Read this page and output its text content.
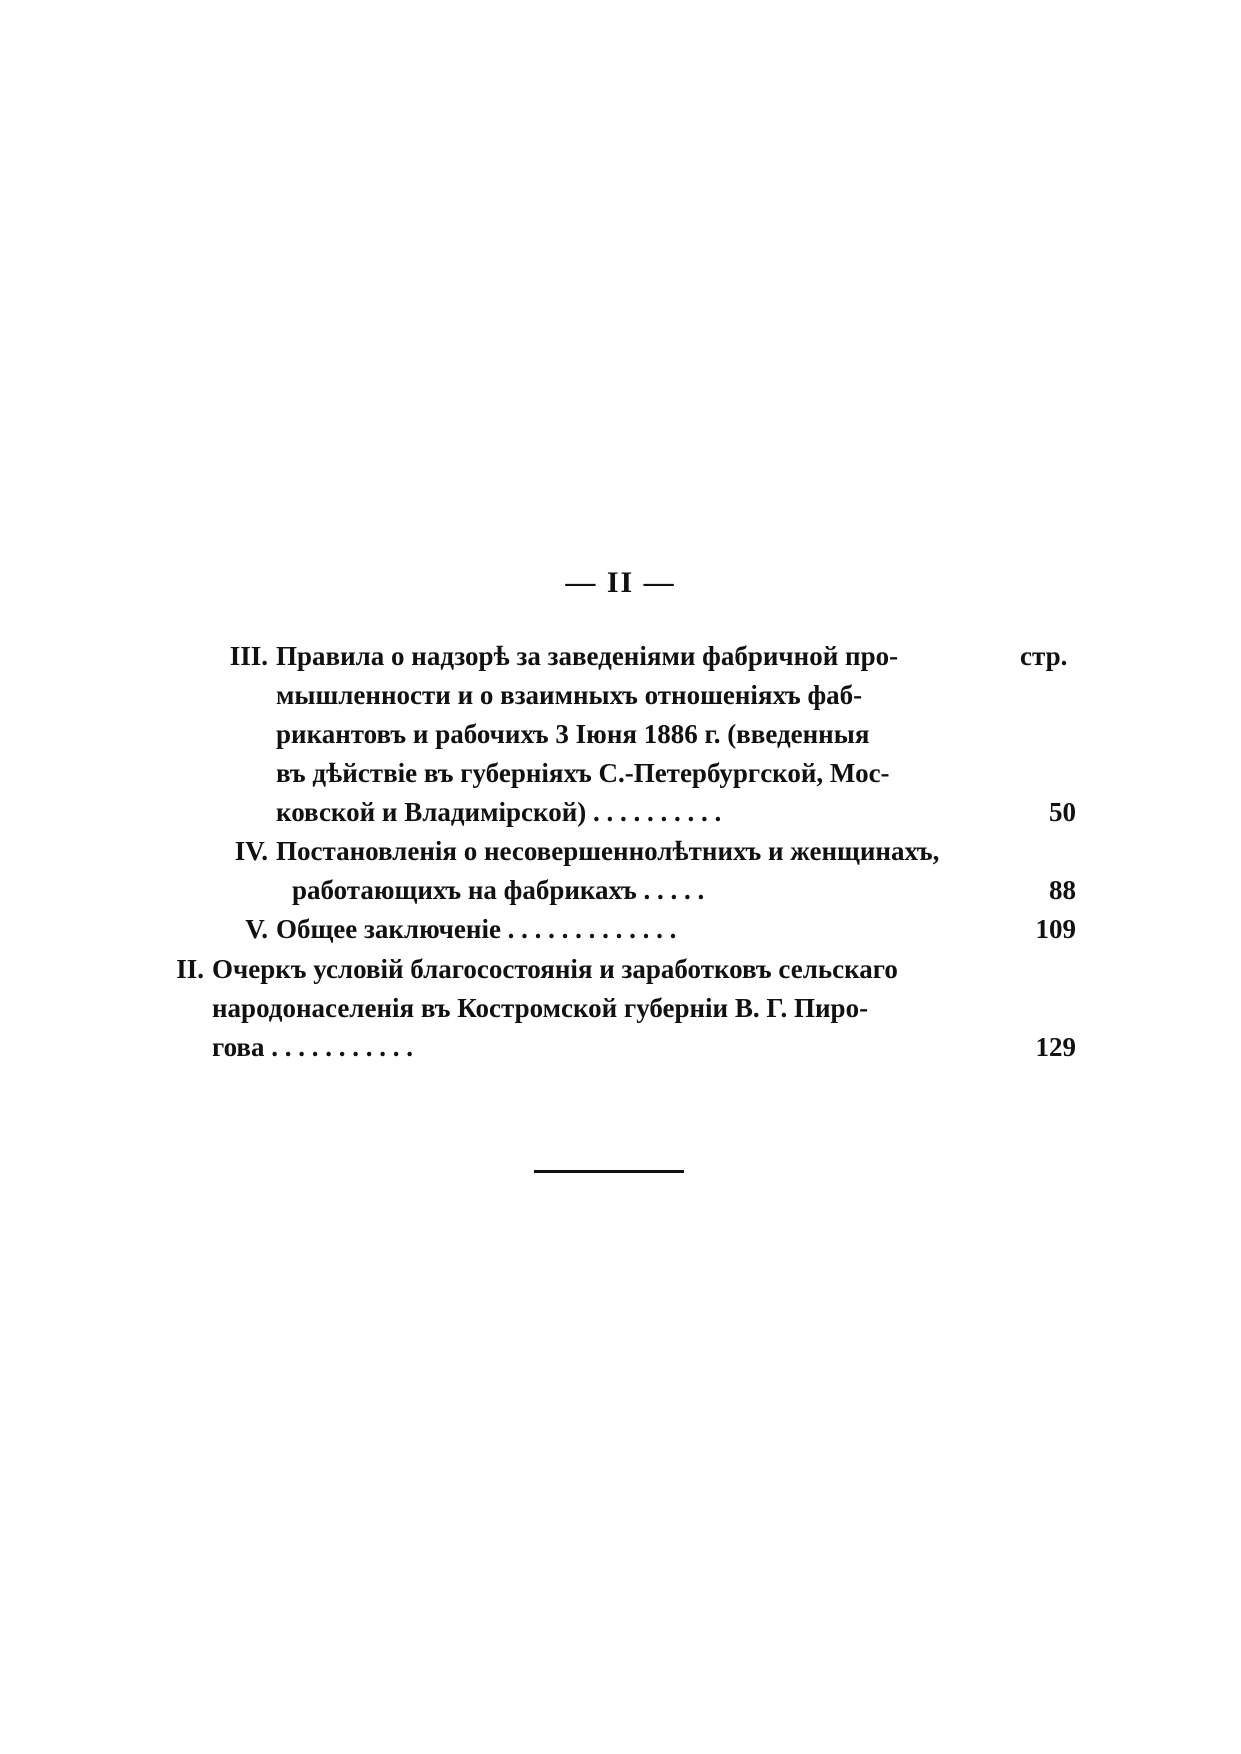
— II —
стр.
III. Правила о надзорѣ за заведеніями фабричной про-
мышленности и о взаимныхъ отношеніяхъ фаб-
рикантовъ и рабочихъ 3 Іюня 1886 г. (введенныя
въ дѣйствіе въ губерніяхъ С.-Петербургской, Мос-
ковской и Владимірской) . . . . . . . . . .	50
IV. Постановленія о несовершеннолѣтнихъ и женщинахъ,
работающихъ на фабрикахъ . . . . .	88
V. Общее заключеніе . . . . . . . . . . . . .	109
II. Очеркъ условій благосостоянія и заработковъ сельскаго
народонаселенія въ Костромской губерніи В. Г. Пиро-
гова . . . . . . . . . . .	129
